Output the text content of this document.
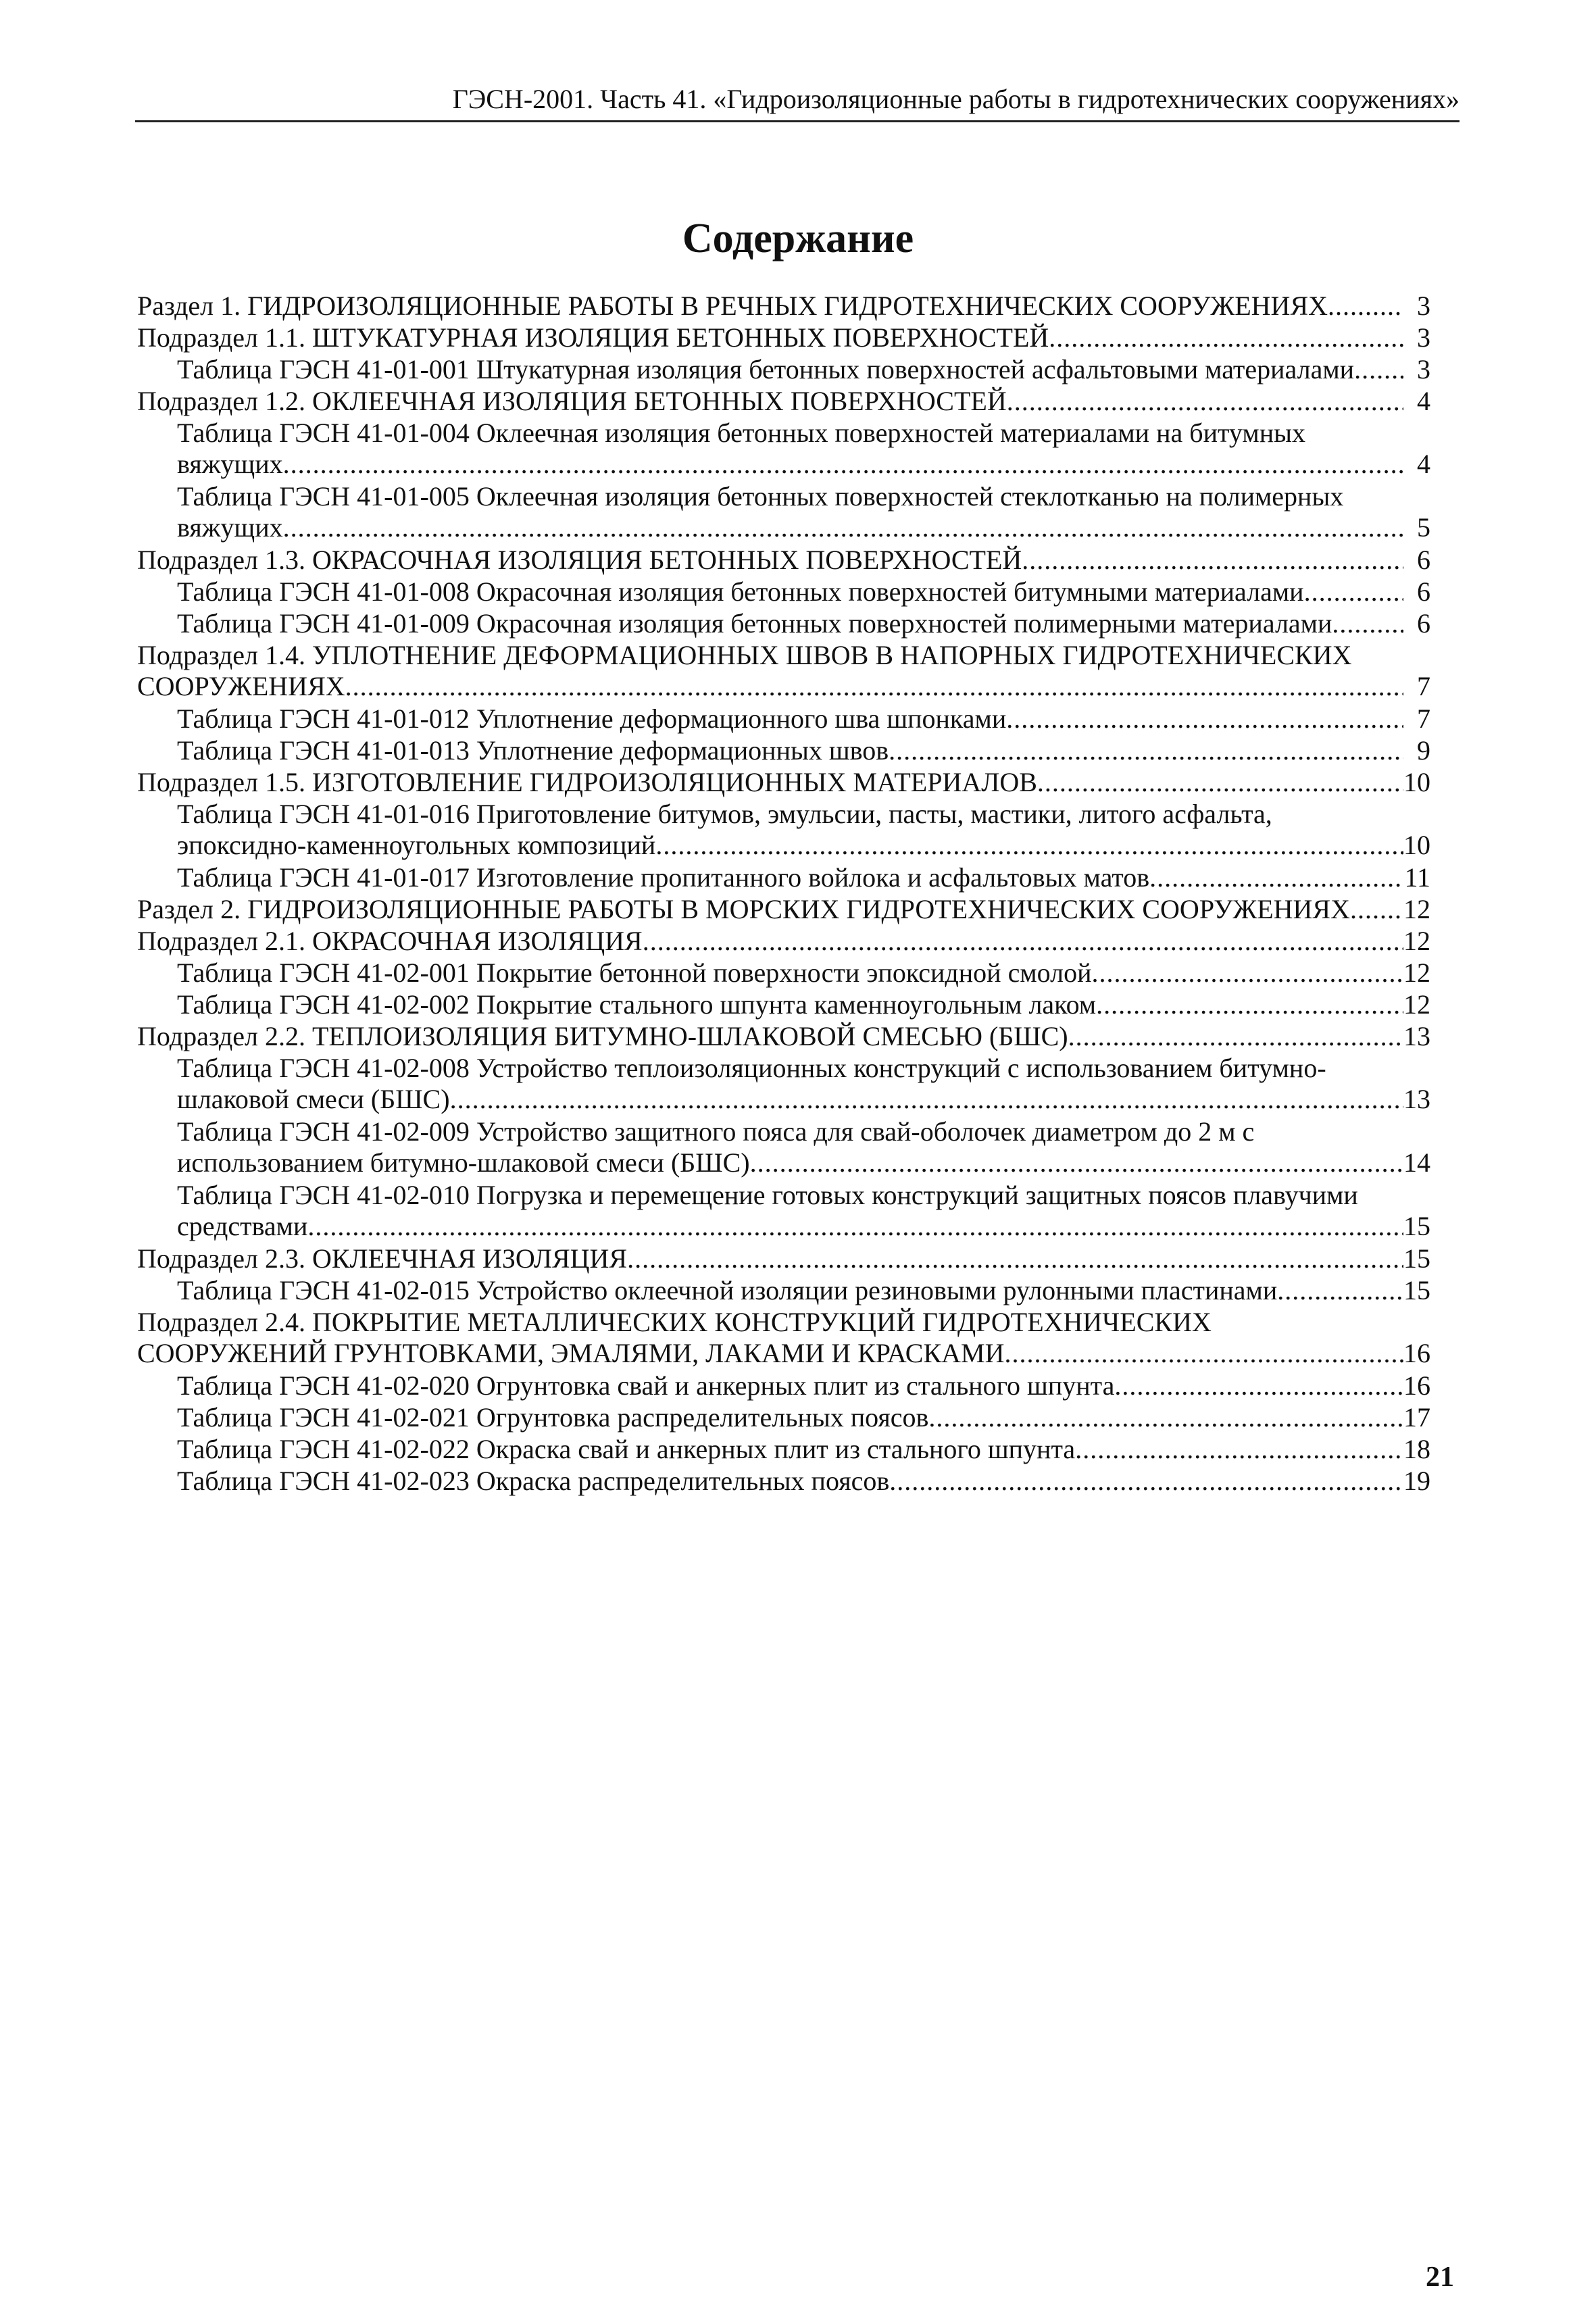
ГЭСН-2001. Часть 41. «Гидроизоляционные работы в гидротехнических сооружениях»
Содержание
Раздел 1. ГИДРОИЗОЛЯЦИОННЫЕ РАБОТЫ В РЕЧНЫХ ГИДРОТЕХНИЧЕСКИХ СООРУЖЕНИЯХ .....	3
Подраздел 1.1. ШТУКАТУРНАЯ ИЗОЛЯЦИЯ БЕТОННЫХ ПОВЕРХНОСТЕЙ .....	3
Таблица ГЭСН 41-01-001 Штукатурная изоляция бетонных поверхностей асфальтовыми материалами .....	3
Подраздел 1.2. ОКЛЕЕЧНАЯ ИЗОЛЯЦИЯ БЕТОННЫХ ПОВЕРХНОСТЕЙ .....	4
Таблица ГЭСН 41-01-004 Оклеечная изоляция бетонных поверхностей материалами на битумных
вяжущих .....	4
Таблица ГЭСН 41-01-005 Оклеечная изоляция бетонных поверхностей стеклотканью на полимерных
вяжущих .....	5
Подраздел 1.3. ОКРАСОЧНАЯ ИЗОЛЯЦИЯ БЕТОННЫХ ПОВЕРХНОСТЕЙ .....	6
Таблица ГЭСН 41-01-008 Окрасочная изоляция бетонных поверхностей битумными материалами .....	6
Таблица ГЭСН 41-01-009 Окрасочная изоляция бетонных поверхностей полимерными материалами .....	6
Подраздел 1.4. УПЛОТНЕНИЕ ДЕФОРМАЦИОННЫХ ШВОВ В НАПОРНЫХ ГИДРОТЕХНИЧЕСКИХ
СООРУЖЕНИЯХ .....	7
Таблица ГЭСН 41-01-012 Уплотнение деформационного шва шпонками .....	7
Таблица ГЭСН 41-01-013 Уплотнение деформационных швов .....	9
Подраздел 1.5. ИЗГОТОВЛЕНИЕ ГИДРОИЗОЛЯЦИОННЫХ МАТЕРИАЛОВ .....	10
Таблица ГЭСН 41-01-016 Приготовление битумов, эмульсии, пасты, мастики, литого асфальта,
эпоксидно-каменноугольных композиций .....	10
Таблица ГЭСН 41-01-017 Изготовление пропитанного войлока и асфальтовых матов .....	11
Раздел 2. ГИДРОИЗОЛЯЦИОННЫЕ РАБОТЫ В МОРСКИХ ГИДРОТЕХНИЧЕСКИХ СООРУЖЕНИЯХ ..... 12
Подраздел 2.1. ОКРАСОЧНАЯ ИЗОЛЯЦИЯ .....	12
Таблица ГЭСН 41-02-001 Покрытие бетонной поверхности эпоксидной смолой .....	12
Таблица ГЭСН 41-02-002 Покрытие стального шпунта каменноугольным лаком .....	12
Подраздел 2.2. ТЕПЛОИЗОЛЯЦИЯ БИТУМНО-ШЛАКОВОЙ СМЕСЬЮ (БШС) .....	13
Таблица ГЭСН 41-02-008 Устройство теплоизоляционных конструкций с использованием битумно-
шлаковой смеси (БШС) .....	13
Таблица ГЭСН 41-02-009 Устройство защитного пояса для свай-оболочек диаметром до 2 м с
использованием битумно-шлаковой смеси (БШС) .....	14
Таблица ГЭСН 41-02-010 Погрузка и перемещение готовых конструкций защитных поясов плавучими
средствами .....	15
Подраздел 2.3. ОКЛЕЕЧНАЯ ИЗОЛЯЦИЯ .....	15
Таблица ГЭСН 41-02-015 Устройство оклеечной изоляции резиновыми рулонными пластинами .....	15
Подраздел 2.4. ПОКРЫТИЕ МЕТАЛЛИЧЕСКИХ КОНСТРУКЦИЙ ГИДРОТЕХНИЧЕСКИХ
СООРУЖЕНИЙ ГРУНТОВКАМИ, ЭМАЛЯМИ, ЛАКАМИ И КРАСКАМИ .....	16
Таблица ГЭСН 41-02-020 Огрунтовка свай и анкерных плит из стального шпунта .....	16
Таблица ГЭСН 41-02-021 Огрунтовка распределительных поясов .....	17
Таблица ГЭСН 41-02-022 Окраска свай и анкерных плит из стального шпунта .....	18
Таблица ГЭСН 41-02-023 Окраска распределительных поясов .....	19
21
